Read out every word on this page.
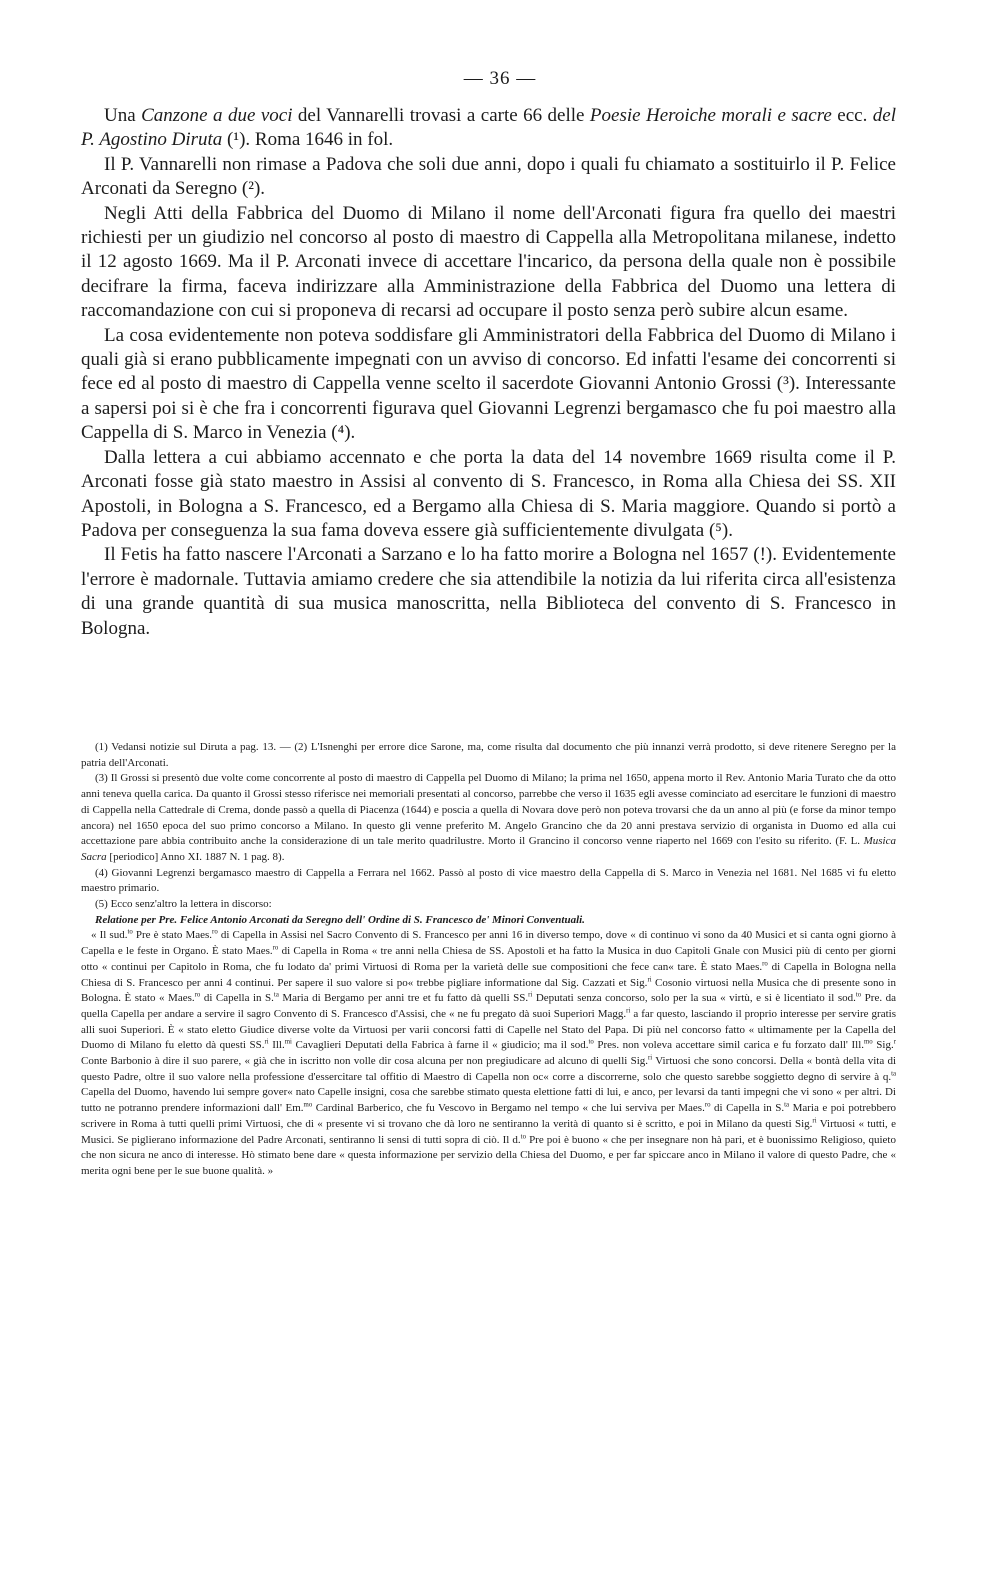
— 36 —

Una Canzone a due voci del Vannarelli trovasi a carte 66 delle Poesie Heroiche morali e sacre ecc. del P. Agostino Diruta (¹). Roma 1646 in fol.

Il P. Vannarelli non rimase a Padova che soli due anni, dopo i quali fu chiamato a sostituirlo il P. Felice Arconati da Seregno (²).

Negli Atti della Fabbrica del Duomo di Milano il nome dell'Arconati figura fra quello dei maestri richiesti per un giudizio nel concorso al posto di maestro di Cappella alla Metropolitana milanese, indetto il 12 agosto 1669. Ma il P. Arconati invece di accettare l'incarico, da persona della quale non è possibile decifrare la firma, faceva indirizzare alla Amministrazione della Fabbrica del Duomo una lettera di raccomandazione con cui si proponeva di recarsi ad occupare il posto senza però subire alcun esame.

La cosa evidentemente non poteva soddisfare gli Amministratori della Fabbrica del Duomo di Milano i quali già si erano pubblicamente impegnati con un avviso di concorso. Ed infatti l'esame dei concorrenti si fece ed al posto di maestro di Cappella venne scelto il sacerdote Giovanni Antonio Grossi (³). Interessante a sapersi poi si è che fra i concorrenti figurava quel Giovanni Legrenzi bergamasco che fu poi maestro alla Cappella di S. Marco in Venezia (⁴).

Dalla lettera a cui abbiamo accennato e che porta la data del 14 novembre 1669 risulta come il P. Arconati fosse già stato maestro in Assisi al convento di S. Francesco, in Roma alla Chiesa dei SS. XII Apostoli, in Bologna a S. Francesco, ed a Bergamo alla Chiesa di S. Maria maggiore. Quando si portò a Padova per conseguenza la sua fama doveva essere già sufficientemente divulgata (⁵).

Il Fetis ha fatto nascere l'Arconati a Sarzano e lo ha fatto morire a Bologna nel 1657 (!). Evidentemente l'errore è madornale. Tuttavia amiamo credere che sia attendibile la notizia da lui riferita circa all'esistenza di una grande quantità di sua musica manoscritta, nella Biblioteca del convento di S. Francesco in Bologna.

(1) Vedansi notizie sul Diruta a pag. 13. — (2) L'Isnenghi per errore dice Sarone, ma, come risulta dal documento che più innanzi verrà prodotto, si deve ritenere Seregno per la patria dell'Arconati.

(3) Il Grossi si presentò due volte come concorrente al posto di maestro di Cappella pel Duomo di Milano; la prima nel 1650, appena morto il Rev. Antonio Maria Turato che da otto anni teneva quella carica. Da quanto il Grossi stesso riferisce nei memoriali presentati al concorso, parrebbe che verso il 1635 egli avesse cominciato ad esercitare le funzioni di maestro di Cappella nella Cattedrale di Crema, donde passò a quella di Piacenza (1644) e poscia a quella di Novara dove però non poteva trovarsi che da un anno al più (e forse da minor tempo ancora) nel 1650 epoca del suo primo concorso a Milano. In questo gli venne preferito M. Angelo Grancino che da 20 anni prestava servizio di organista in Duomo ed alla cui accettazione pare abbia contribuito anche la considerazione di un tale merito quadrilustre. Morto il Grancino il concorso venne riaperto nel 1669 con l'esito su riferito. (F. L. Musica Sacra [periodico] Anno XI. 1887 N. 1 pag. 8).

(4) Giovanni Legrenzi bergamasco maestro di Cappella a Ferrara nel 1662. Passò al posto di vice maestro della Cappella di S. Marco in Venezia nel 1681. Nel 1685 vi fu eletto maestro primario.

(5) Ecco senz'altro la lettera in discorso:

Relatione per Pre. Felice Antonio Arconati da Seregno dell' Ordine di S. Francesco de' Minori Conventuali.

« Il sud.$^{to}$ Pre è stato Maes.$^{ro}$ di Capella in Assisi nel Sacro Convento di S. Francesco per anni 16 in diverso tempo, dove « di continuo vi sono da 40 Musici et si canta ogni giorno à Capella e le feste in Organo. È stato Maes.$^{ro}$ di Capella in Roma « tre anni nella Chiesa de SS. Apostoli et ha fatto la Musica in duo Capitoli Gnale con Musici più di cento per giorni otto « continui per Capitolo in Roma, che fu lodato da' primi Virtuosi di Roma per la varietà delle sue compositioni che fece can« tare. È stato Maes.$^{ro}$ di Capella in Bologna nella Chiesa di S. Francesco per anni 4 continui. Per sapere il suo valore si po« trebbe pigliare informatione dal Sig. Cazzati et Sig.$^{ri}$ Cosonio virtuosi nella Musica che di presente sono in Bologna. È stato « Maes.$^{ro}$ di Capella in S.$^{ta}$ Maria di Bergamo per anni tre et fu fatto dà quelli SS.$^{ri}$ Deputati senza concorso, solo per la sua « virtù, e si è licentiato il sod.$^{to}$ Pre. da quella Capella per andare a servire il sagro Convento di S. Francesco d'Assisi, che « ne fu pregato dà suoi Superiori Magg.$^{ri}$ a far questo, lasciando il proprio interesse per servire gratis alli suoi Superiori. È « stato eletto Giudice diverse volte da Virtuosi per varii concorsi fatti di Capelle nel Stato del Papa. Di più nel concorso fatto « ultimamente per la Capella del Duomo di Milano fu eletto dà questi SS.$^{ri}$ Ill.$^{mi}$ Cavaglieri Deputati della Fabrica à farne il « giudicio; ma il sod.$^{to}$ Pres. non voleva accettare simil carica e fu forzato dall' Ill.$^{mo}$ Sig.$^r$ Conte Barbonio à dire il suo parere, « già che in iscritto non volle dir cosa alcuna per non pregiudicare ad alcuno di quelli Sig.$^{ri}$ Virtuosi che sono concorsi. Della « bontà della vita di questo Padre, oltre il suo valore nella professione d'essercitare tal offitio di Maestro di Capella non oc« corre a discorrerne, solo che questo sarebbe soggietto degno di servire à q.$^{ta}$ Capella del Duomo, havendo lui sempre gover« nato Capelle insigni, cosa che sarebbe stimato questa elettione fatti di lui, e anco, per levarsi da tanti impegni che vi sono « per altri. Di tutto ne potranno prendere informazioni dall' Em.$^{mo}$ Cardinal Barberico, che fu Vescovo in Bergamo nel tempo « che lui serviva per Maes.$^{ro}$ di Capella in S.$^{ta}$ Maria e poi potrebbero scrivere in Roma à tutti quelli primi Virtuosi, che di « presente vi si trovano che dà loro ne sentiranno la verità di quanto si è scritto, e poi in Milano da questi Sig.$^{ri}$ Virtuosi « tutti, e Musici. Se piglierano informazione del Padre Arconati, sentiranno li sensi di tutti sopra di ciò. Il d.$^{to}$ Pre poi è buono « che per insegnare non hà pari, et è buonissimo Religioso, quieto che non sicura ne anco di interesse. Hò stimato bene dare « questa informazione per servizio della Chiesa del Duomo, e per far spiccare anco in Milano il valore di questo Padre, che « merita ogni bene per le sue buone qualità. »
